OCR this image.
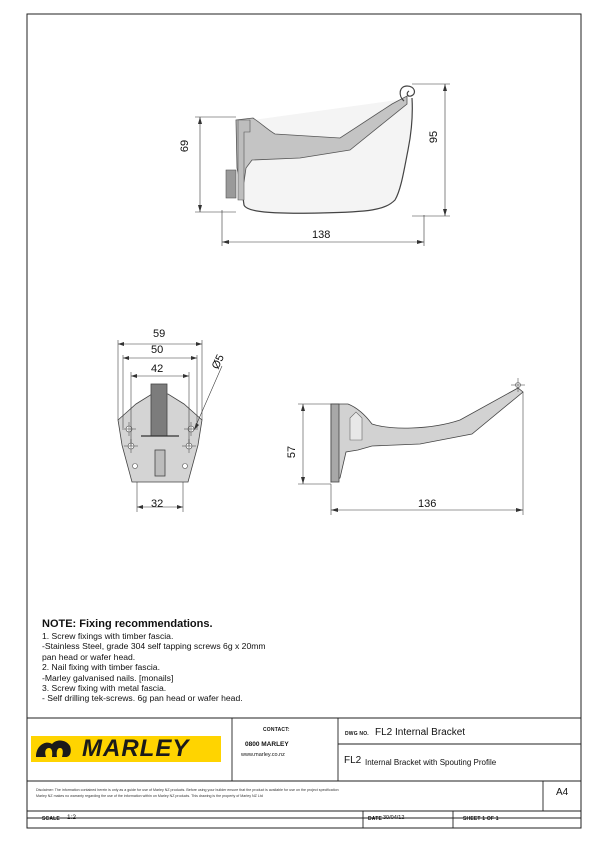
138
69
95
59
50
42
32
Ø5
136
57
NOTE: Fixing recommendations.
1. Screw fixings with timber fascia.
-Stainless Steel, grade 304 self tapping screws 6g x 20mm
pan head or wafer head.
2. Nail fixing with timber fascia.
-Marley galvanised nails. [monails]
3. Screw fixing with metal fascia.
- Self drilling tek-screws. 6g pan head or wafer head.
MARLEY
CONTACT:
0800 MARLEY
www.marley.co.nz
DWG NO. FL2 Internal Bracket
FL2 Internal Bracket with Spouting Profile
Disclaimer: The information contained herein is only as a guide for use of Marley NZ products. Before using your builder ensure that the product is available for use on the project specification
Marley NZ makes no warranty regarding the use of the information within on Marley NZ products. This drawing is the property of Marley NZ Ltd	A4
SCALE 1:2	DATE 30/04/12	SHEET 1 OF 1
